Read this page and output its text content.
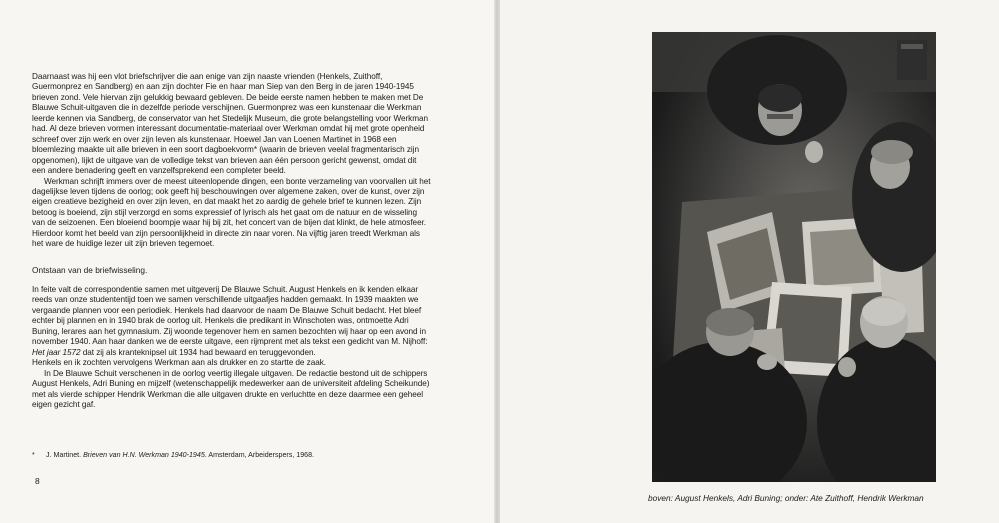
Daarnaast was hij een vlot briefschrijver die aan enige van zijn naaste vrienden (Henkels, Zuithoff, Guermonprez en Sandberg) en aan zijn dochter Fie en haar man Siep van den Berg in de jaren 1940-1945 brieven zond. Vele hiervan zijn gelukkig bewaard gebleven. De beide eerste namen hebben te maken met De Blauwe Schuit-uitgaven die in dezelfde periode verschijnen. Guermonprez was een kunstenaar die Werkman leerde kennen via Sandberg, de conservator van het Stedelijk Museum, die grote belangstelling voor Werkman had. Al deze brieven vormen interessant documentatie-materiaal over Werkman omdat hij met grote openheid schreef over zijn werk en over zijn leven als kunstenaar. Hoewel Jan van Loenen Martinet in 1968 een bloemlezing maakte uit alle brieven in een soort dagboekvorm* (waarin de brieven veelal fragmentarisch zijn opgenomen), lijkt de uitgave van de volledige tekst van brieven aan één persoon gericht gewenst, omdat dit een andere benadering geeft en vanzelfsprekend een completer beeld.

Werkman schrijft immers over de meest uiteenlopende dingen, een bonte verzameling van voorvallen uit het dagelijkse leven tijdens de oorlog; ook geeft hij beschouwingen over algemene zaken, over de kunst, over zijn eigen creatieve bezigheid en over zijn leven, en dat maakt het zo aardig de gehele brief te kunnen lezen. Zijn betoog is boeiend, zijn stijl verzorgd en soms expressief of lyrisch als het gaat om de natuur en de wisseling van de seizoenen. Een bloeiend boompje waar hij bij zit, het concert van de bijen dat klinkt, de hele atmosfeer. Hierdoor komt het beeld van zijn persoonlijkheid in directe zin naar voren. Na vijftig jaren treedt Werkman als het ware de huidige lezer uit zijn brieven tegemoet.

Ontstaan van de briefwisseling.

In feite valt de correspondentie samen met uitgeverij De Blauwe Schuit. August Henkels en ik kenden elkaar reeds van onze studententijd toen we samen verschillende uitgaafjes hadden gemaakt. In 1939 maakten we vergaande plannen voor een periodiek. Henkels had daarvoor de naam De Blauwe Schuit bedacht. Het bleef echter bij plannen en in 1940 brak de oorlog uit. Henkels die predikant in Winschoten was, ontmoette Adri Buning, lerares aan het gymnasium. Zij woonde tegenover hem en samen bezochten wij haar op een avond in november 1940. Aan haar danken we de eerste uitgave, een rijmprent met als tekst een gedicht van M. Nijhoff: Het jaar 1572 dat zij als kranteknipsel uit 1934 had bewaard en teruggevonden.

Henkels en ik zochten vervolgens Werkman aan als drukker en zo startte de zaak.

In De Blauwe Schuit verschenen in de oorlog veertig illegale uitgaven. De redactie bestond uit de schippers August Henkels, Adri Buning en mijzelf (wetenschappelijk medewerker aan de universiteit afdeling Scheikunde) met als vierde schipper Hendrik Werkman die alle uitgaven drukte en verluchtte en deze daarmee een geheel eigen gezicht gaf.

* J. Martinet. Brieven van H.N. Werkman 1940-1945. Amsterdam, Arbeiderspers, 1968.
8
boven: August Henkels, Adri Buning; onder: Ate Zuithoff, Hendrik Werkman
